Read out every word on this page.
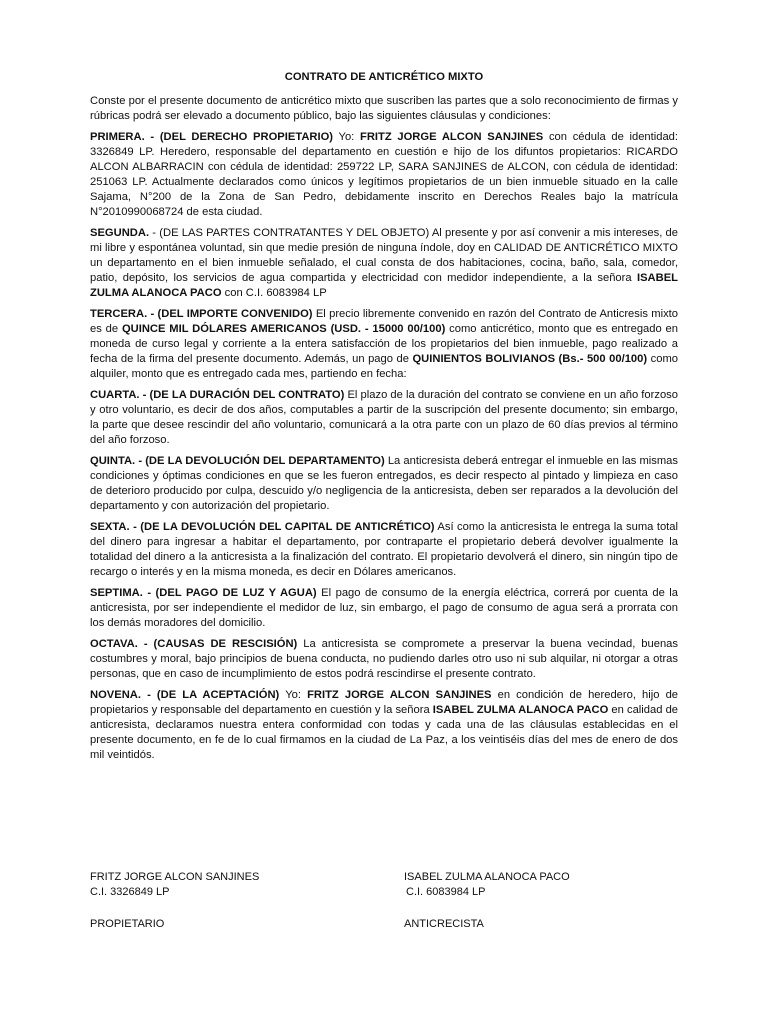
CONTRATO DE ANTICRÉTICO MIXTO

Conste por el presente documento de anticrético mixto que suscriben las partes que a solo reconocimiento de firmas y rúbricas podrá ser elevado a documento público, bajo las siguientes cláusulas y condiciones:

PRIMERA. - (DEL DERECHO PROPIETARIO) Yo: FRITZ JORGE ALCON SANJINES con cédula de identidad: 3326849 LP. Heredero, responsable del departamento en cuestión e hijo de los difuntos propietarios: RICARDO ALCON ALBARRACIN con cédula de identidad: 259722 LP, SARA SANJINES de ALCON, con cédula de identidad: 251063 LP. Actualmente declarados como únicos y legítimos propietarios de un bien inmueble situado en la calle Sajama, N°200 de la Zona de San Pedro, debidamente inscrito en Derechos Reales bajo la matrícula N°2010990068724 de esta ciudad.

SEGUNDA. - (DE LAS PARTES CONTRATANTES Y DEL OBJETO) Al presente y por así convenir a mis intereses, de mi libre y espontánea voluntad, sin que medie presión de ninguna índole, doy en CALIDAD DE ANTICRÉTICO MIXTO un departamento en el bien inmueble señalado, el cual consta de dos habitaciones, cocina, baño, sala, comedor, patio, depósito, los servicios de agua compartida y electricidad con medidor independiente, a la señora ISABEL ZULMA ALANOCA PACO con C.I. 6083984 LP

TERCERA. - (DEL IMPORTE CONVENIDO) El precio libremente convenido en razón del Contrato de Anticresis mixto es de QUINCE MIL DÓLARES AMERICANOS (USD. - 15000 00/100) como anticrético, monto que es entregado en moneda de curso legal y corriente a la entera satisfacción de los propietarios del bien inmueble, pago realizado a fecha de la firma del presente documento. Además, un pago de QUINIENTOS BOLIVIANOS (Bs.- 500 00/100) como alquiler, monto que es entregado cada mes, partiendo en fecha:

CUARTA. - (DE LA DURACIÓN DEL CONTRATO) El plazo de la duración del contrato se conviene en un año forzoso y otro voluntario, es decir de dos años, computables a partir de la suscripción del presente documento; sin embargo, la parte que desee rescindir del año voluntario, comunicará a la otra parte con un plazo de 60 días previos al término del año forzoso.

QUINTA. - (DE LA DEVOLUCIÓN DEL DEPARTAMENTO) La anticresista deberá entregar el inmueble en las mismas condiciones y óptimas condiciones en que se les fueron entregados, es decir respecto al pintado y limpieza en caso de deterioro producido por culpa, descuido y/o negligencia de la anticresista, deben ser reparados a la devolución del departamento y con autorización del propietario.

SEXTA. - (DE LA DEVOLUCIÓN DEL CAPITAL DE ANTICRÉTICO) Así como la anticresista le entrega la suma total del dinero para ingresar a habitar el departamento, por contraparte el propietario deberá devolver igualmente la totalidad del dinero a la anticresista a la finalización del contrato. El propietario devolverá el dinero, sin ningún tipo de recargo o interés y en la misma moneda, es decir en Dólares americanos.

SEPTIMA. - (DEL PAGO DE LUZ Y AGUA) El pago de consumo de la energía eléctrica, correrá por cuenta de la anticresista, por ser independiente el medidor de luz, sin embargo, el pago de consumo de agua será a prorrata con los demás moradores del domicilio.

OCTAVA. - (CAUSAS DE RESCISIÓN) La anticresista se compromete a preservar la buena vecindad, buenas costumbres y moral, bajo principios de buena conducta, no pudiendo darles otro uso ni sub alquilar, ni otorgar a otras personas, que en caso de incumplimiento de estos podrá rescindirse el presente contrato.

NOVENA. - (DE LA ACEPTACIÓN) Yo: FRITZ JORGE ALCON SANJINES en condición de heredero, hijo de propietarios y responsable del departamento en cuestión y la señora ISABEL ZULMA ALANOCA PACO en calidad de anticresista, declaramos nuestra entera conformidad con todas y cada una de las cláusulas establecidas en el presente documento, en fe de lo cual firmamos en la ciudad de La Paz, a los veintiséis días del mes de enero de dos mil veintidós.

FRITZ JORGE ALCON SANJINES
C.I. 3326849 LP
PROPIETARIO
ISABEL ZULMA ALANOCA PACO
C.I. 6083984 LP
ANTICRECISTA
